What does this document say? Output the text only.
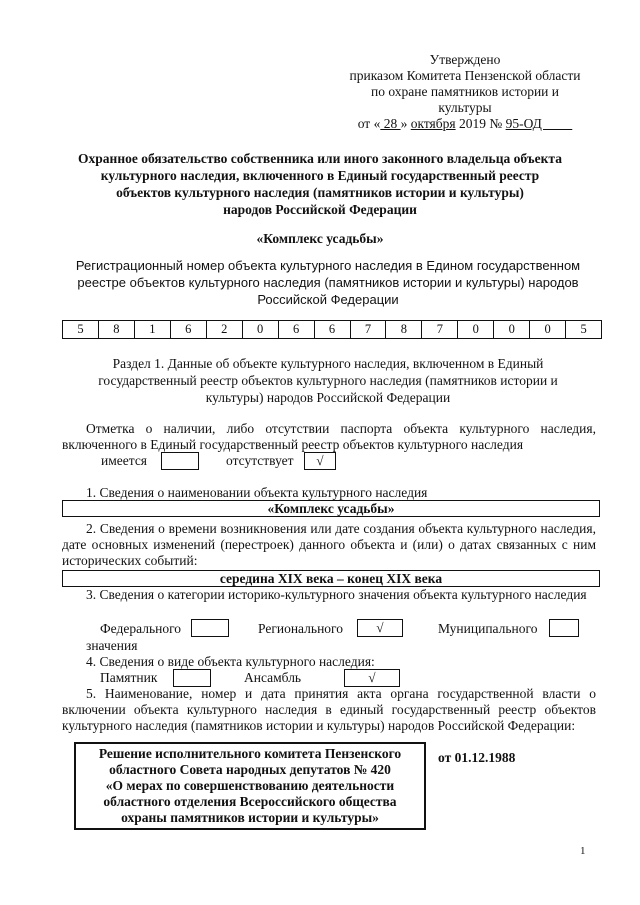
Утверждено
приказом Комитета Пензенской области
по охране памятников истории и
культуры
от « 28 » октября 2019 № 95-ОД
Охранное обязательство собственника или иного законного владельца объекта
культурного наследия, включенного в Единый государственный реестр
объектов культурного наследия (памятников истории и культуры)
народов Российской Федерации
«Комплекс усадьбы»
Регистрационный номер объекта культурного наследия в Едином государственном
реестре объектов культурного наследия (памятников истории и культуры) народов
Российской Федерации
5	8	1	6	2	0	6	6	7	8	7	0	0	0	5
Раздел 1. Данные об объекте культурного наследия, включенном в Единый
государственный реестр объектов культурного наследия (памятников истории и
культуры) народов Российской Федерации
Отметка о наличии, либо отсутствии паспорта объекта культурного наследия, включенного в Единый государственный реестр объектов культурного наследия
имеется	отсутствует	√
1. Сведения о наименовании объекта культурного наследия
«Комплекс усадьбы»
2. Сведения о времени возникновения или дате создания объекта культурного наследия, дате основных изменений (перестроек) данного объекта и (или) о датах связанных с ним исторических событий:
середина XIX века – конец XIX века
3. Сведения о категории историко-культурного значения объекта культурного наследия
Федерального	Регионального	√	Муниципального
значения
4. Сведения о виде объекта культурного наследия:
Памятник	Ансамбль	√
5. Наименование, номер и дата принятия акта органа государственной власти о включении объекта культурного наследия в единый государственный реестр объектов культурного наследия (памятников истории и культуры) народов Российской Федерации:
Решение исполнительного комитета Пензенского
областного Совета народных депутатов № 420
«О мерах по совершенствованию деятельности
областного отделения Всероссийского общества
охраны памятников истории и культуры»
от 01.12.1988
1
